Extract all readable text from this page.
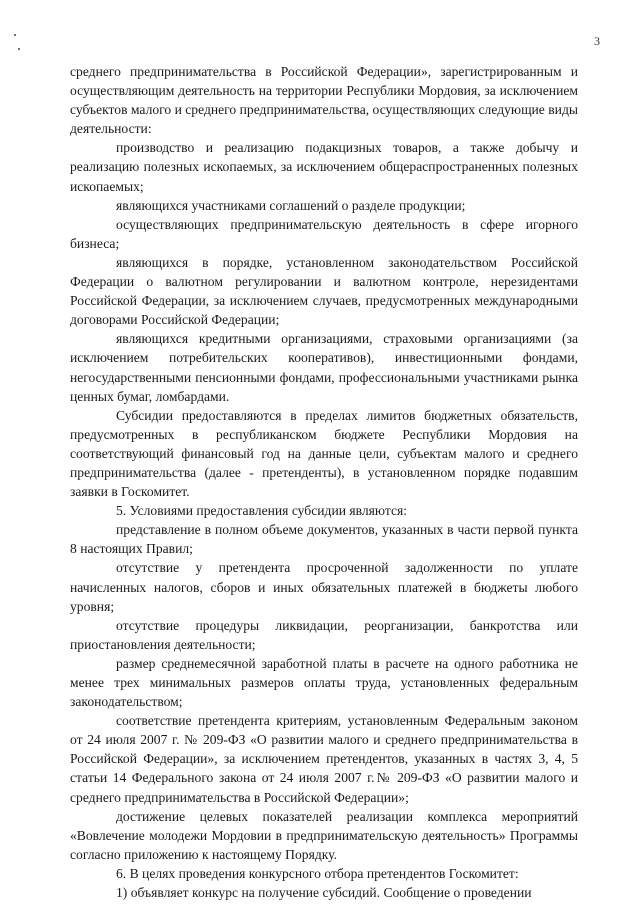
3

среднего предпринимательства в Российской Федерации», зарегистрированным и осуществляющим деятельность на территории Республики Мордовия, за исключением субъектов малого и среднего предпринимательства, осуществляющих следующие виды деятельности:

производство и реализацию подакцизных товаров, а также добычу и реализацию полезных ископаемых, за исключением общераспространенных полезных ископаемых;

являющихся участниками соглашений о разделе продукции;

осуществляющих предпринимательскую деятельность в сфере игорного бизнеса;

являющихся в порядке, установленном законодательством Российской Федерации о валютном регулировании и валютном контроле, нерезидентами Российской Федерации, за исключением случаев, предусмотренных международными договорами Российской Федерации;

являющихся кредитными организациями, страховыми организациями (за исключением потребительских кооперативов), инвестиционными фондами, негосударственными пенсионными фондами, профессиональными участниками рынка ценных бумаг, ломбардами.

Субсидии предоставляются в пределах лимитов бюджетных обязательств, предусмотренных в республиканском бюджете Республики Мордовия на соответствующий финансовый год на данные цели, субъектам малого и среднего предпринимательства (далее - претенденты), в установленном порядке подавшим заявки в Госкомитет.

5. Условиями предоставления субсидии являются:

представление в полном объеме документов, указанных в части первой пункта 8 настоящих Правил;

отсутствие у претендента просроченной задолженности по уплате начисленных налогов, сборов и иных обязательных платежей в бюджеты любого уровня;

отсутствие процедуры ликвидации, реорганизации, банкротства или приостановления деятельности;

размер среднемесячной заработной платы в расчете на одного работника не менее трех минимальных размеров оплаты труда, установленных федеральным законодательством;

соответствие претендента критериям, установленным Федеральным законом от 24 июля 2007 г. № 209-ФЗ «О развитии малого и среднего предпринимательства в Российской Федерации», за исключением претендентов, указанных в частях 3, 4, 5 статьи 14 Федерального закона от 24 июля 2007 г.№ 209-ФЗ «О развитии малого и среднего предпринимательства в Российской Федерации»;

достижение целевых показателей реализации комплекса мероприятий «Вовлечение молодежи Мордовии в предпринимательскую деятельность» Программы согласно приложению к настоящему Порядку.

6. В целях проведения конкурсного отбора претендентов Госкомитет:

1) объявляет конкурс на получение субсидий. Сообщение о проведении
